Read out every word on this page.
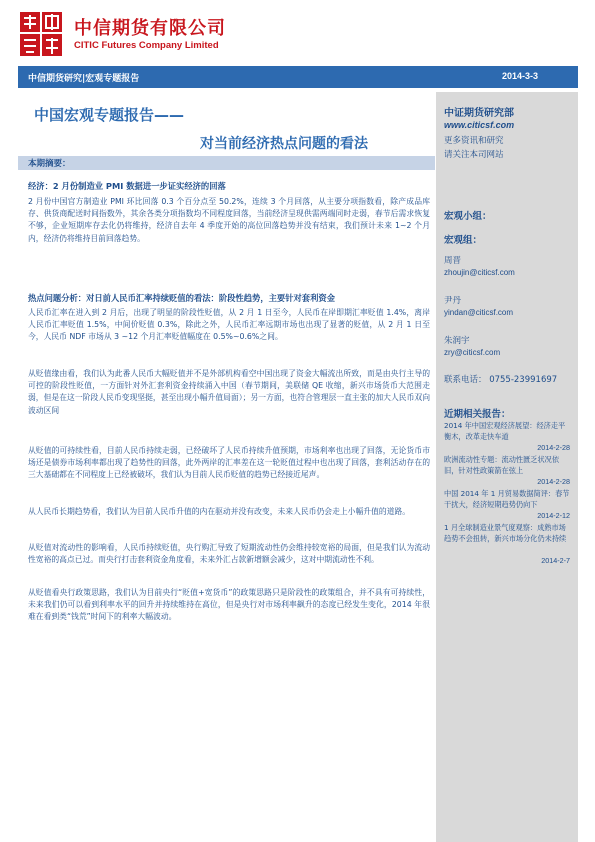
中信期货有限公司
CITIC Futures Company Limited
中信期货研究|宏观专题报告	2014-3-3
中国宏观专题报告——
对当前经济热点问题的看法
本期摘要：
经济：2 月份制造业 PMI 数据进一步证实经济的回落
2 月份中国官方制造业 PMI 环比回落 0.3 个百分点至 50.2%，连续 3 个月回落，从主要分项指数看，除产成品库存、供货商配送时间指数外，其余各类分项指数均不同程度回落，当前经济呈现供需两端同时走弱，春节后需求恢复不够，企业短期库存去化仍将维持，经济自去年 4 季度开始的高位回落趋势并没有结束，我们预计未来 1~2 个月内，经济仍将维持目前回落趋势。
热点问题分析：对日前人民币汇率持续贬值的看法：阶段性趋势，主要针对套利资金
人民币汇率在进入到 2 月后，出现了明显的阶段性贬值，从 2 月 1 日至今，人民币在岸即期汇率贬值 1.4%，离岸人民币汇率贬值 1.5%，中间价贬值 0.3%，除此之外，人民币汇率远期市场也出现了显著的贬值，从 2 月 1 日至今，人民币 NDF 市场从 3 ~12 个月汇率贬值幅度在 0.5%~0.6%之间。
从贬值缘由看，我们认为此番人民币大幅贬值并不是外部机构看空中国出现了资金大幅流出所致，而是由央行主导的可控的阶段性贬值，一方面针对外汇套利资金持续涌入中国（春节期间，美联储 QE 收缩，新兴市场货币大范围走弱，但是在这一阶段人民币变现坚挺，甚至出现小幅升值局面）；另一方面，也符合管理层一直主张的加大人民币双向波动区间
从贬值的可持续性看，目前人民币持续走弱，已经破坏了人民币持续升值预期，市场利率也出现了回落，无论货币市场还是债券市场利率都出现了趋势性的回落，此外两岸的汇率差在这一轮贬值过程中也出现了回落，套利活动存在的三大基础都在不同程度上已经被破坏，我们认为目前人民币贬值的趋势已经接近尾声。
从人民币长期趋势看，我们认为目前人民币升值的内在驱动并没有改变，未来人民币仍会走上小幅升值的道路。
从贬值对流动性的影响看，人民币持续贬值，央行购汇导致了短期流动性仍会维持较宽裕的局面，但是我们认为流动性宽裕的高点已过。而央行打击套利资金角度看，未来外汇占款新增额会减少，这对中期流动性不利。
从贬值看央行政策思路，我们认为目前央行“贬值+宽货币”的政策思路只是阶段性的政策组合，并不具有可持续性，未来我们仍可以看到利率水平的回升并持续维持在高位，但是央行对市场利率飙升的态度已经发生变化，2014 年很难在看到类“钱荒”时间下的利率大幅波动。
中证期货研究部
www.citicsf.com
更多资讯和研究
请关注本司网站
宏观小组：
宏观组：
周晋
zhoujin@citicsf.com
尹丹
yindan@citicsf.com
朱润宇
zry@citicsf.com
联系电话： 0755-23991697
近期相关报告：
2014 年中国宏观经济展望：经济走平衡木，改革走快车道
2014-2-28
欧洲流动性专题：流动性匮乏状况依旧，针对性政策箭在弦上
2014-2-28
中国 2014 年 1 月贸易数据简评：春节干扰大，经济短期趋势仍向下
2014-2-12
1 月全球制造业景气度观察：成熟市场趋势不会扭转，新兴市场分化仍未持续
2014-2-7
